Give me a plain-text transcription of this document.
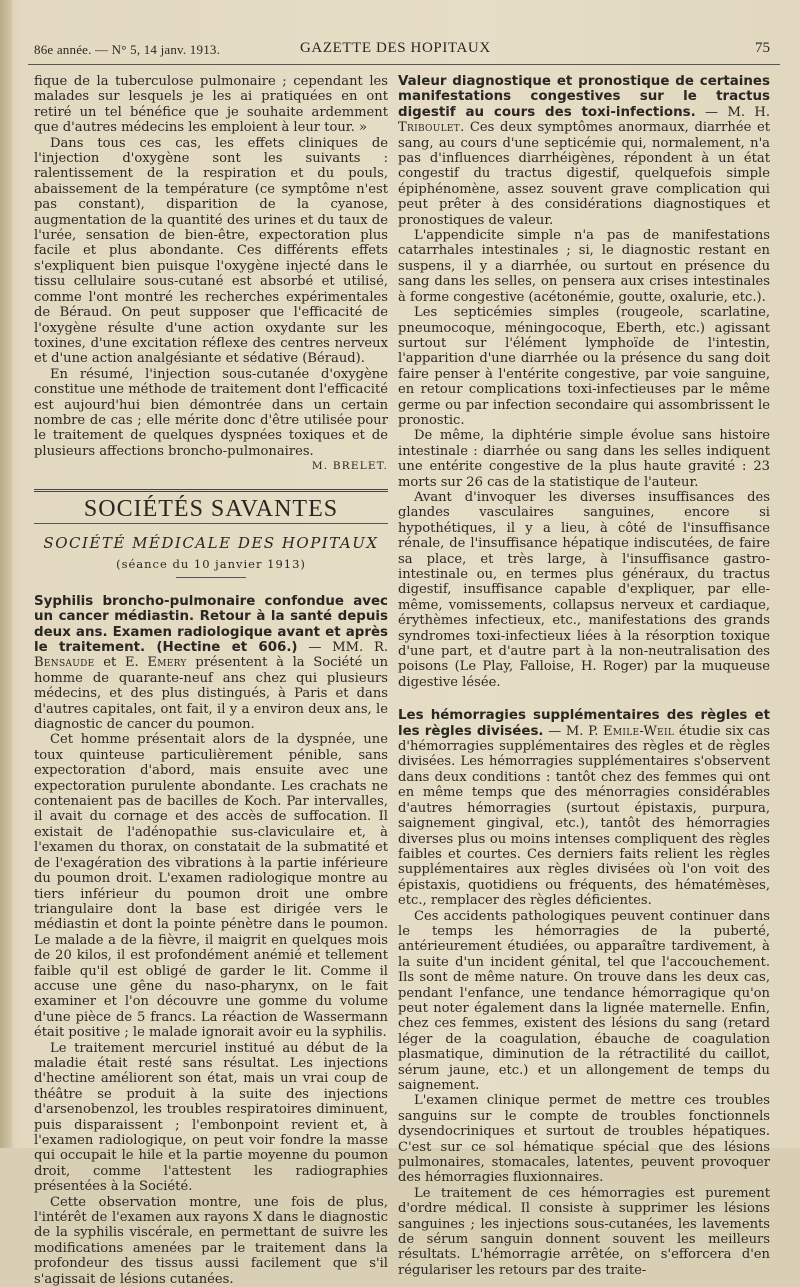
86e année. — N° 5, 14 janv. 1913.	GAZETTE DES HOPITAUX	75

fique de la tuberculose pulmonaire ; cependant les malades sur lesquels je les ai pratiquées en ont retiré un tel bénéfice que je souhaite ardemment que d'autres médecins les emploient à leur tour. »

Dans tous ces cas, les effets cliniques de l'injection d'oxygène sont les suivants : ralentissement de la respiration et du pouls, abaissement de la température (ce symptôme n'est pas constant), disparition de la cyanose, augmentation de la quantité des urines et du taux de l'urée, sensation de bien-être, expectoration plus facile et plus abondante. Ces différents effets s'expliquent bien puisque l'oxygène injecté dans le tissu cellulaire sous-cutané est absorbé et utilisé, comme l'ont montré les recherches expérimentales de Béraud. On peut supposer que l'efficacité de l'oxygène résulte d'une action oxydante sur les toxines, d'une excitation réflexe des centres nerveux et d'une action analgésiante et sédative (Béraud).

En résumé, l'injection sous-cutanée d'oxygène constitue une méthode de traitement dont l'efficacité est aujourd'hui bien démontrée dans un certain nombre de cas ; elle mérite donc d'être utilisée pour le traitement de quelques dyspnées toxiques et de plusieurs affections broncho-pulmonaires.

M. BRELET.

SOCIÉTÉS SAVANTES
SOCIÉTÉ MÉDICALE DES HOPITAUX
(séance du 10 janvier 1913)

Syphilis broncho-pulmonaire confondue avec un cancer médiastin. Retour à la santé depuis deux ans. Examen radiologique avant et après le traitement. (Hectine et 606.) — MM. R. Bensaude et E. Emery présentent à la Société un homme de quarante-neuf ans chez qui plusieurs médecins, et des plus distingués, à Paris et dans d'autres capitales, ont fait, il y a environ deux ans, le diagnostic de cancer du poumon.

Cet homme présentait alors de la dyspnée, une toux quinteuse particulièrement pénible, sans expectoration d'abord, mais ensuite avec une expectoration purulente abondante. Les crachats ne contenaient pas de bacilles de Koch. Par intervalles, il avait du cornage et des accès de suffocation. Il existait de l'adénopathie sus-claviculaire et, à l'examen du thorax, on constatait de la submatité et de l'exagération des vibrations à la partie inférieure du poumon droit. L'examen radiologique montre au tiers inférieur du poumon droit une ombre triangulaire dont la base est dirigée vers le médiastin et dont la pointe pénètre dans le poumon. Le malade a de la fièvre, il maigrit en quelques mois de 20 kilos, il est profondément anémié et tellement faible qu'il est obligé de garder le lit. Comme il accuse une gêne du naso-pharynx, on le fait examiner et l'on découvre une gomme du volume d'une pièce de 5 francs. La réaction de Wassermann était positive ; le malade ignorait avoir eu la syphilis.

Le traitement mercuriel institué au début de la maladie était resté sans résultat. Les injections d'hectine améliorent son état, mais un vrai coup de théâtre se produit à la suite des injections d'arsenobenzol, les troubles respiratoires diminuent, puis disparaissent ; l'embonpoint revient et, à l'examen radiologique, on peut voir fondre la masse qui occupait le hile et la partie moyenne du poumon droit, comme l'attestent les radiographies présentées à la Société.

Cette observation montre, une fois de plus, l'intérêt de l'examen aux rayons X dans le diagnostic de la syphilis viscérale, en permettant de suivre les modifications amenées par le traitement dans la profondeur des tissus aussi facilement que s'il s'agissait de lésions cutanées.

Valeur diagnostique et pronostique de certaines manifestations congestives sur le tractus digestif au cours des toxi-infections. — M. H. Triboulet. Ces deux symptômes anormaux, diarrhée et sang, au cours d'une septicémie qui, normalement, n'a pas d'influences diarrhéigènes, répondent à un état congestif du tractus digestif, quelquefois simple épiphénomène, assez souvent grave complication qui peut prêter à des considérations diagnostiques et pronostiques de valeur.

L'appendicite simple n'a pas de manifestations catarrhales intestinales ; si, le diagnostic restant en suspens, il y a diarrhée, ou surtout en présence du sang dans les selles, on pensera aux crises intestinales à forme congestive (acétonémie, goutte, oxalurie, etc.).

Les septicémies simples (rougeole, scarlatine, pneumocoque, méningocoque, Eberth, etc.) agissant surtout sur l'élément lymphoïde de l'intestin, l'apparition d'une diarrhée ou la présence du sang doit faire penser à l'entérite congestive, par voie sanguine, en retour complications toxi-infectieuses par le même germe ou par infection secondaire qui assombrissent le pronostic.

De même, la diphtérie simple évolue sans histoire intestinale : diarrhée ou sang dans les selles indiquent une entérite congestive de la plus haute gravité : 23 morts sur 26 cas de la statistique de l'auteur.

Avant d'invoquer les diverses insuffisances des glandes vasculaires sanguines, encore si hypothétiques, il y a lieu, à côté de l'insuffisance rénale, de l'insuffisance hépatique indiscutées, de faire sa place, et très large, à l'insuffisance gastro-intestinale ou, en termes plus généraux, du tractus digestif, insuffisance capable d'expliquer, par elle-même, vomissements, collapsus nerveux et cardiaque, érythèmes infectieux, etc., manifestations des grands syndromes toxi-infectieux liées à la résorption toxique d'une part, et d'autre part à la non-neutralisation des poisons (Le Play, Falloise, H. Roger) par la muqueuse digestive lésée.

Les hémorragies supplémentaires des règles et les règles divisées. — M. P. Emile-Weil étudie six cas d'hémorragies supplémentaires des règles et de règles divisées. Les hémorragies supplémentaires s'observent dans deux conditions : tantôt chez des femmes qui ont en même temps que des ménorragies considérables d'autres hémorragies (surtout épistaxis, purpura, saignement gingival, etc.), tantôt des hémorragies diverses plus ou moins intenses compliquent des règles faibles et courtes. Ces derniers faits relient les règles supplémentaires aux règles divisées où l'on voit des épistaxis, quotidiens ou fréquents, des hématémèses, etc., remplacer des règles déficientes.

Ces accidents pathologiques peuvent continuer dans le temps les hémorragies de la puberté, antérieurement étudiées, ou apparaître tardivement, à la suite d'un incident génital, tel que l'accouchement. Ils sont de même nature. On trouve dans les deux cas, pendant l'enfance, une tendance hémorragique qu'on peut noter également dans la lignée maternelle. Enfin, chez ces femmes, existent des lésions du sang (retard léger de la coagulation, ébauche de coagulation plasmatique, diminution de la rétractilité du caillot, sérum jaune, etc.) et un allongement de temps du saignement.

L'examen clinique permet de mettre ces troubles sanguins sur le compte de troubles fonctionnels dysendocriniques et surtout de troubles hépatiques. C'est sur ce sol hématique spécial que des lésions pulmonaires, stomacales, latentes, peuvent provoquer des hémorragies fluxionnaires.

Le traitement de ces hémorragies est purement d'ordre médical. Il consiste à supprimer les lésions sanguines ; les injections sous-cutanées, les lavements de sérum sanguin donnent souvent les meilleurs résultats. L'hémorragie arrêtée, on s'efforcera d'en régulariser les retours par des traite-
